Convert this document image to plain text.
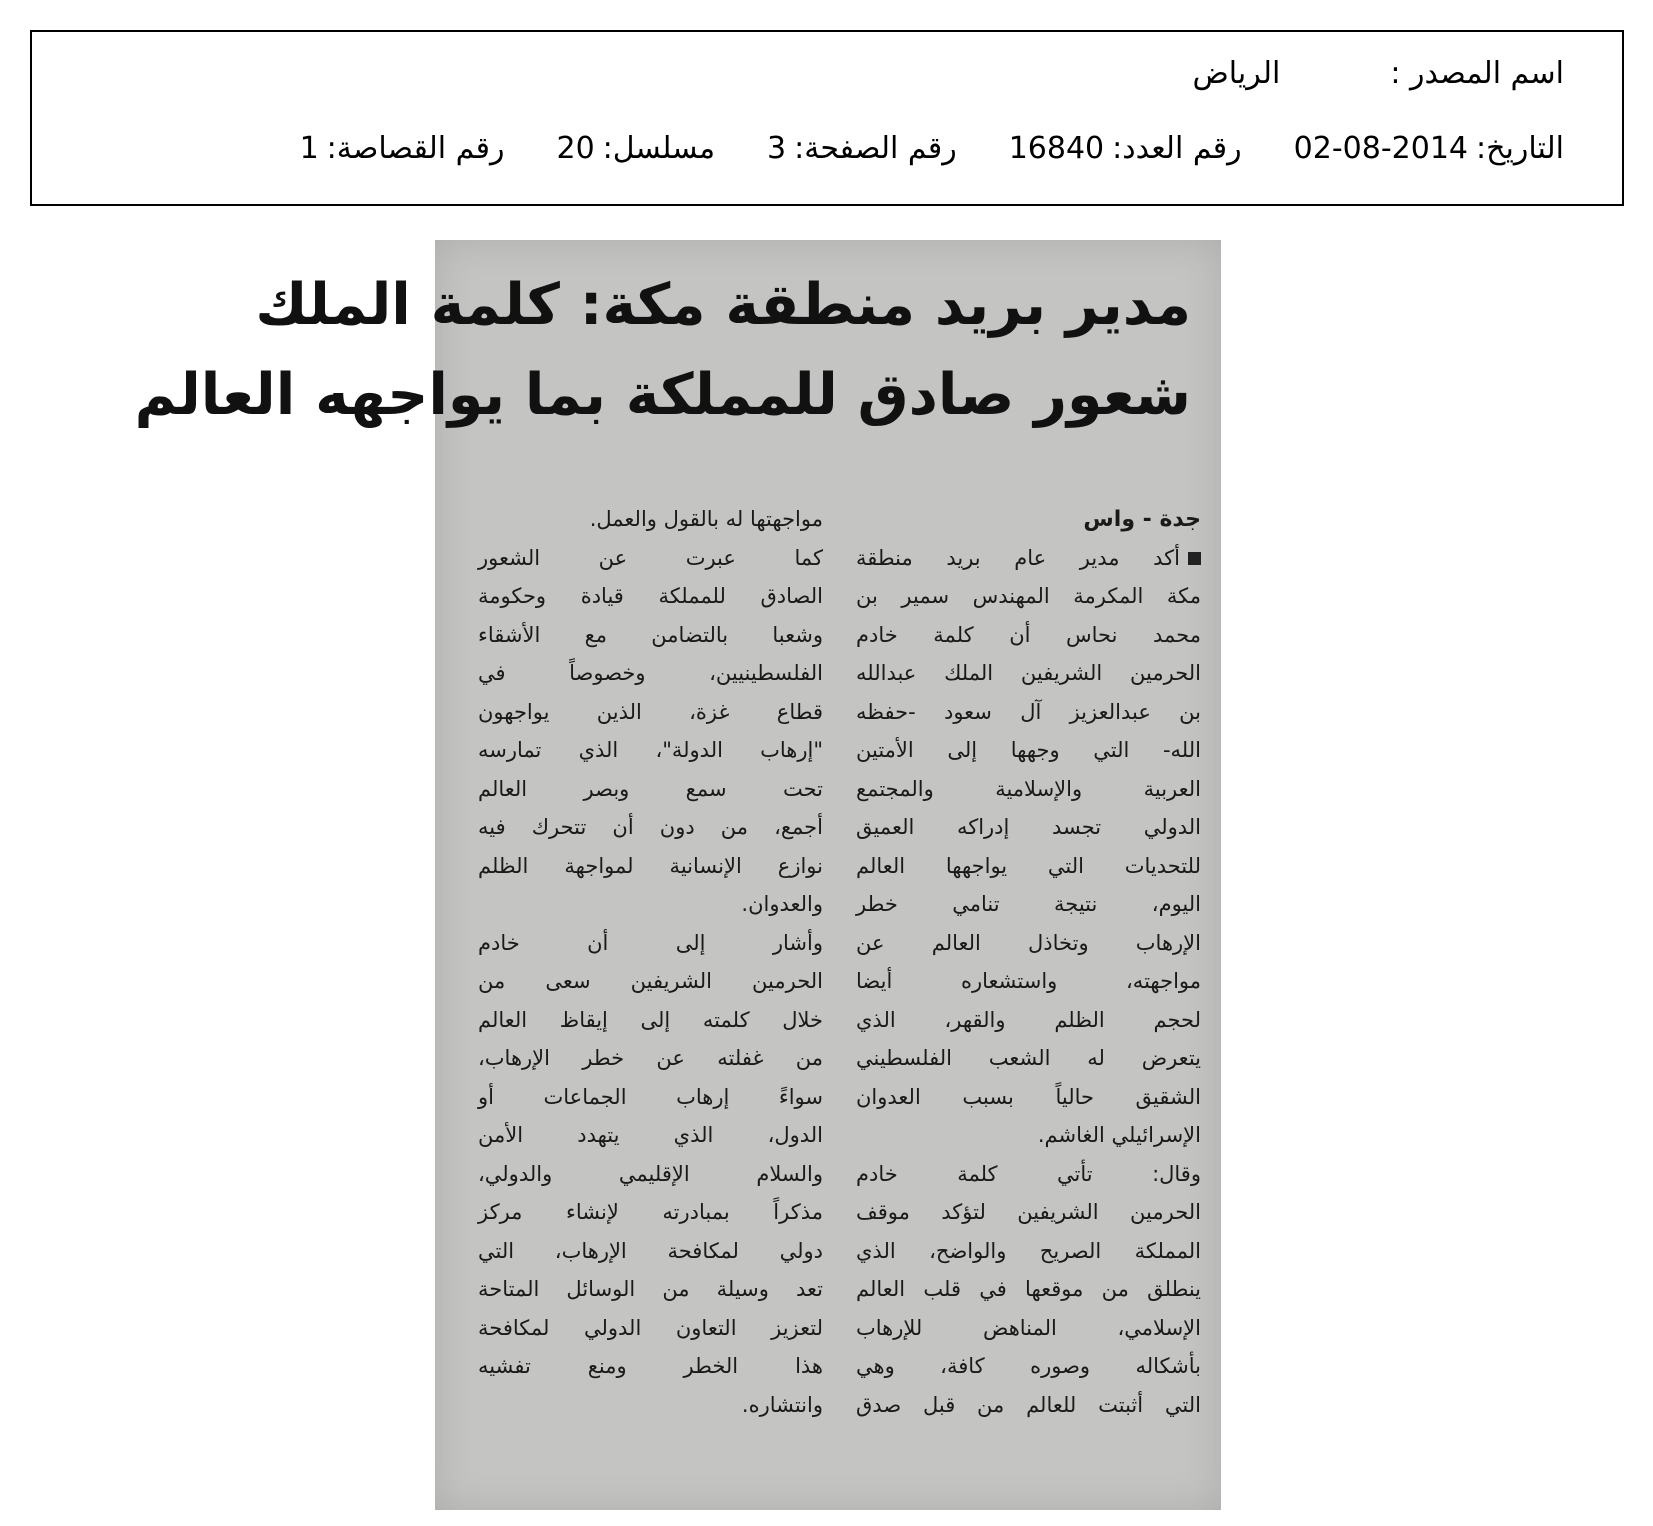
اسم المصدر :
الرياض
التاريخ:2014-08-02
رقم العدد:16840
رقم الصفحة:3
مسلسل:20
رقم القصاصة:1
مدير بريد منطقة مكة: كلمة الملك
شعور صادق للمملكة بما يواجهه العالم
جدة - واس
أكد مدير عام بريد منطقة
مكة المكرمة المهندس سمير بن
محمد نحاس أن كلمة خادم
الحرمين الشريفين الملك عبدالله
بن عبدالعزيز آل سعود -حفظه
الله- التي وجهها إلى الأمتين
العربية والإسلامية والمجتمع
الدولي تجسد إدراكه العميق
للتحديات التي يواجهها العالم
اليوم، نتيجة تنامي خطر
الإرهاب وتخاذل العالم عن
مواجهته، واستشعاره أيضا
لحجم الظلم والقهر، الذي
يتعرض له الشعب الفلسطيني
الشقيق حالياً بسبب العدوان
الإسرائيلي الغاشم.
وقال: تأتي كلمة خادم
الحرمين الشريفين لتؤكد موقف
المملكة الصريح والواضح، الذي
ينطلق من موقعها في قلب العالم
الإسلامي، المناهض للإرهاب
بأشكاله وصوره كافة، وهي
التي أثبتت للعالم من قبل صدق
مواجهتها له بالقول والعمل.
كما عبرت عن الشعور
الصادق للمملكة قيادة وحكومة
وشعبا بالتضامن مع الأشقاء
الفلسطينيين، وخصوصاً في
قطاع غزة، الذين يواجهون
"إرهاب الدولة"، الذي تمارسه
تحت سمع وبصر العالم
أجمع، من دون أن تتحرك فيه
نوازع الإنسانية لمواجهة الظلم
والعدوان.
وأشار إلى أن خادم
الحرمين الشريفين سعى من
خلال كلمته إلى إيقاظ العالم
من غفلته عن خطر الإرهاب،
سواءً إرهاب الجماعات أو
الدول، الذي يتهدد الأمن
والسلام الإقليمي والدولي،
مذكراً بمبادرته لإنشاء مركز
دولي لمكافحة الإرهاب، التي
تعد وسيلة من الوسائل المتاحة
لتعزيز التعاون الدولي لمكافحة
هذا الخطر ومنع تفشيه
وانتشاره.
